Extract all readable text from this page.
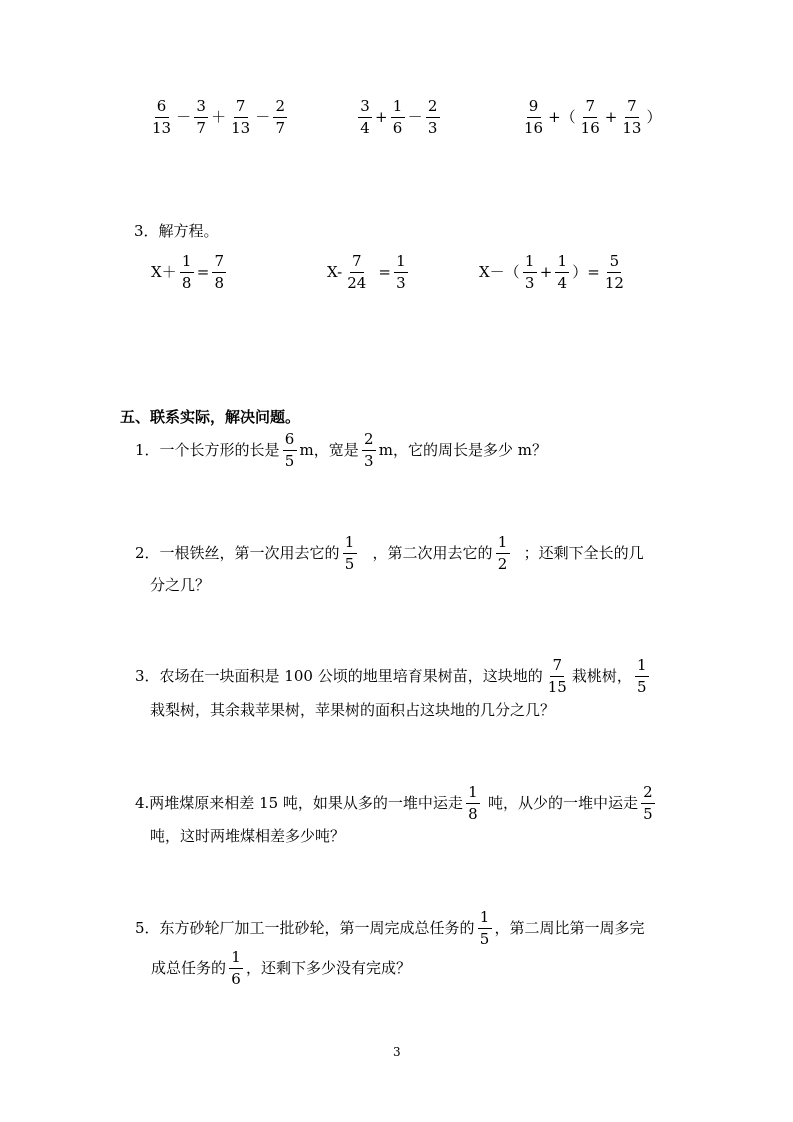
$\frac{6}{13} - \frac{3}{7} + \frac{7}{13} - \frac{2}{7}$	$\frac{3}{4} + \frac{1}{6} - \frac{2}{3}$	$\frac{9}{16}$ +（ $\frac{7}{16} + \frac{7}{13}$ ）
3．解方程。
$X+ \frac{1}{8} = \frac{7}{8}$	$X- \frac{7}{24} = \frac{1}{3}$	$X-( \frac{1}{3} + \frac{1}{4}$ ）= $\frac{5}{12}$
五、联系实际，解决问题。
1．一个长方形的长是 $\frac{6}{5}$ m，宽是 $\frac{2}{3}$ m，它的周长是多少 m？
2．一根铁丝，第一次用去它的 $\frac{1}{5}$ ，第二次用去它的 $\frac{1}{2}$ ；还剩下全长的几
分之几？
3．农场在一块面积是 100 公顷的地里培育果树苗，这块地的 $\frac{7}{15}$ 栽桃树， $\frac{1}{5}$
栽梨树，其余栽苹果树，苹果树的面积占这块地的几分之几？
4.两堆煤原来相差 15 吨，如果从多的一堆中运走 $\frac{1}{8}$ 吨，从少的一堆中运走 $\frac{2}{5}$
吨，这时两堆煤相差多少吨？
5．东方砂轮厂加工一批砂轮，第一周完成总任务的 $\frac{1}{5}$ ，第二周比第一周多完
成总任务的 $\frac{1}{6}$ ，还剩下多少没有完成？
3
